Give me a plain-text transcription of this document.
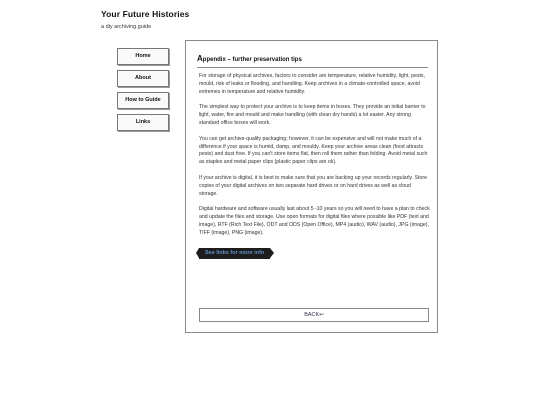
Your Future Histories
a diy archiving guide
Home
About
How to Guide
Links
Appendix – further preservation tips

For storage of physical archives, factors to consider are temperature, relative humidity, light, pests, mould, risk of leaks or flooding, and handling. Keep archives in a climate-controlled space, avoid extremes in temperature and relative humidity.

The simplest way to protect your archive is to keep items in boxes. They provide an initial barrier to light, water, fire and mould and make handling (with clean dry hands) a lot easier. Any strong standard office boxes will work.

You can get archive-quality packaging; however, it can be expensive and will not make much of a difference if your space is humid, damp, and mouldy. Keep your archive areas clean (food attracts pests) and dust free. If you can't store items flat, then roll them rather than folding. Avoid metal such as staples and metal paper clips (plastic paper clips are ok).

If your archive is digital, it is best to make sure that you are backing up your records regularly. Store copies of your digital archives on two separate hard drives or on hard drives as well as cloud storage.

Digital hardware and software usually last about 5 -10 years so you will need to have a plan to check and update the files and storage. Use open formats for digital files where possible like PDF (text and image), RTF (Rich Text File), ODT and ODS (Open Office), MP4 (audio), WAV (audio), JPG (image), TIFF (image), PNG (image).

See links for more info
BACK↩
